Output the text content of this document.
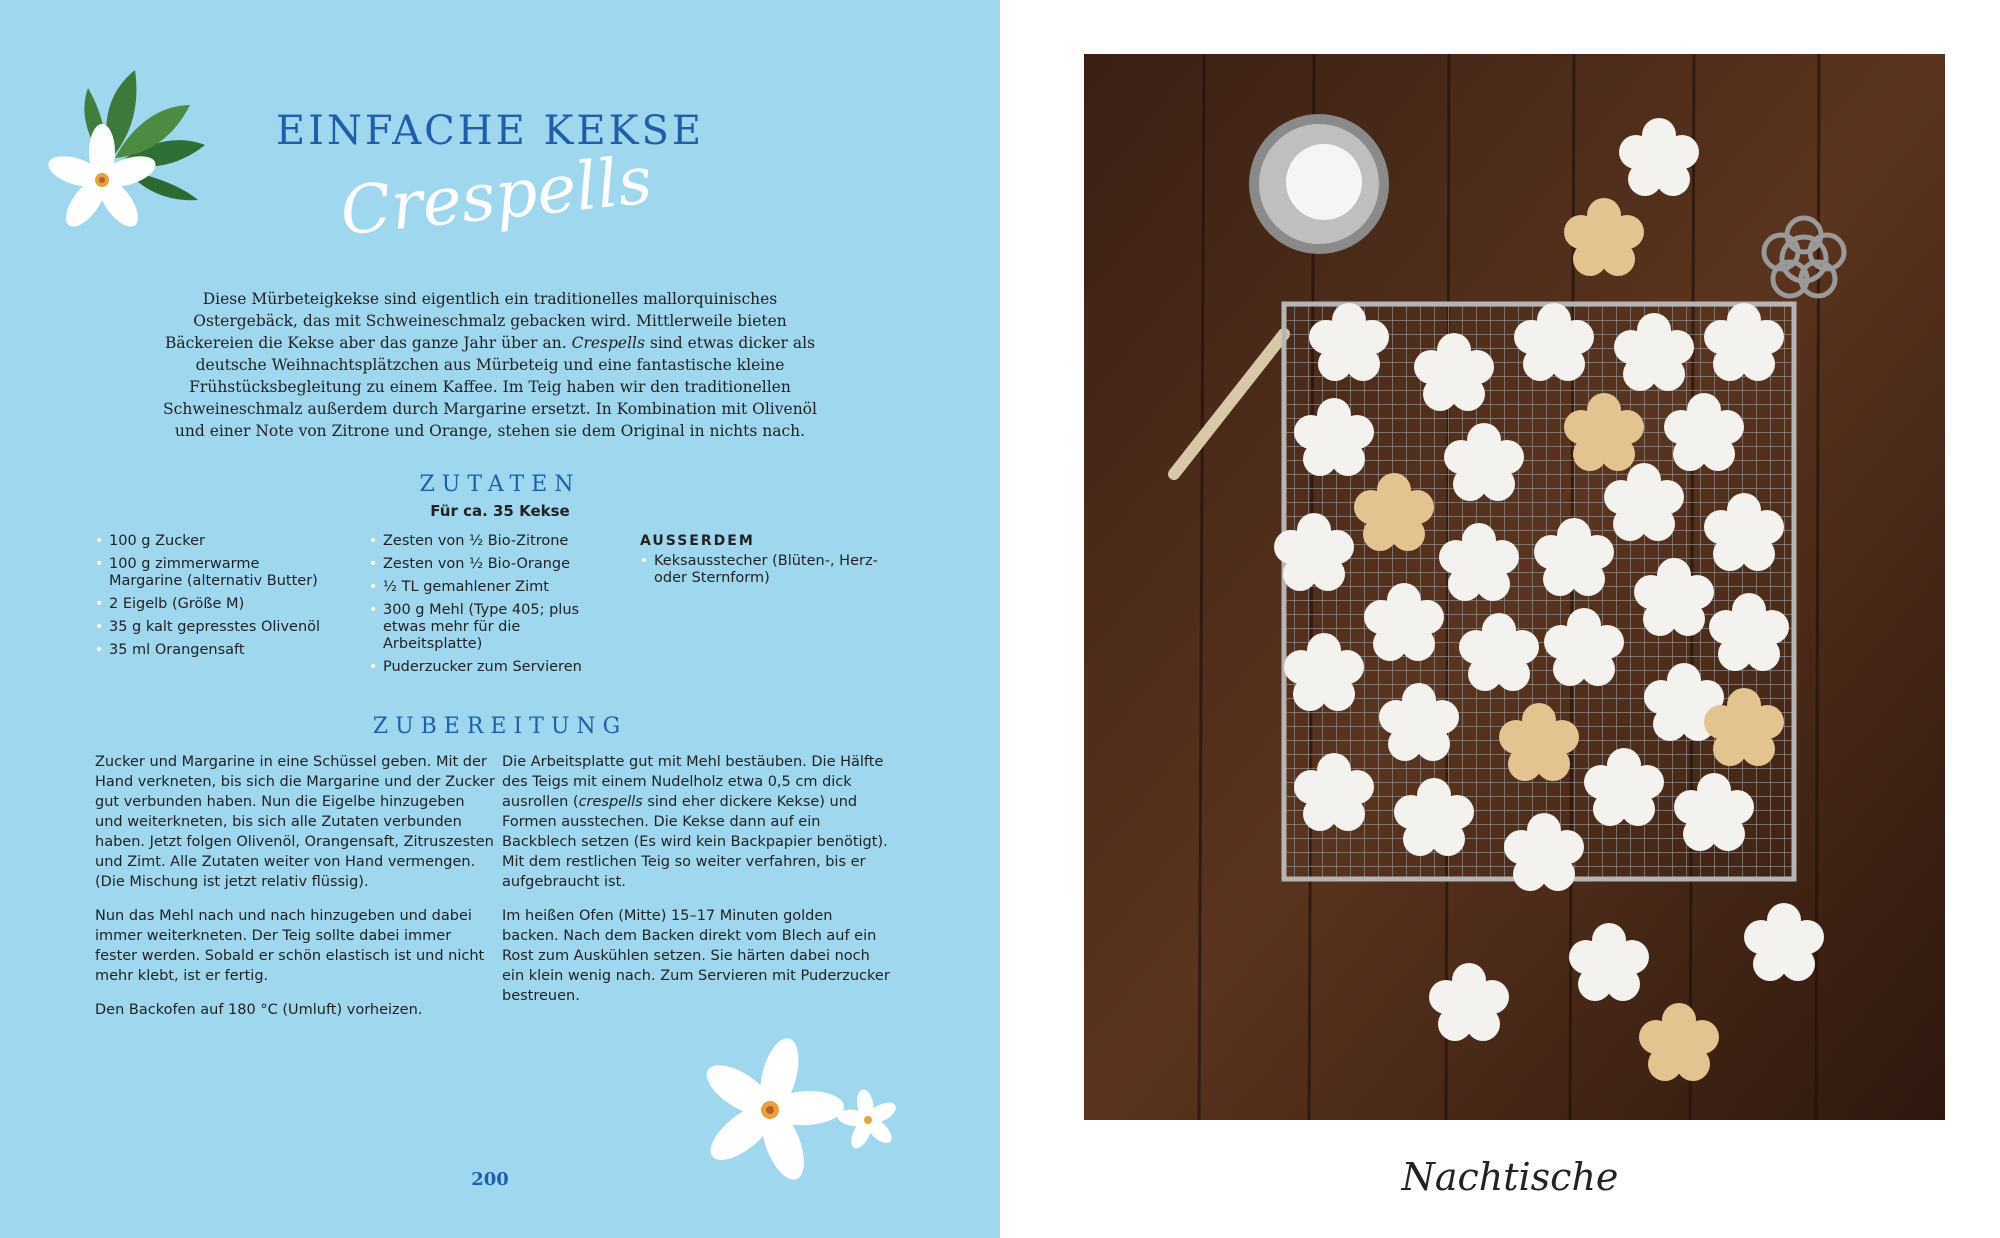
EINFACHE KEKSE
Crespells
Diese Mürbeteigkekse sind eigentlich ein traditionelles mallorquinisches Ostergebäck, das mit Schweineschmalz gebacken wird. Mittlerweile bieten Bäckereien die Kekse aber das ganze Jahr über an. Crespells sind etwas dicker als deutsche Weihnachtsplätzchen aus Mürbeteig und eine fantastische kleine Frühstücksbegleitung zu einem Kaffee. Im Teig haben wir den traditionellen Schweineschmalz außerdem durch Margarine ersetzt. In Kombination mit Olivenöl und einer Note von Zitrone und Orange, stehen sie dem Original in nichts nach.
ZUTATEN
Für ca. 35 Kekse
• 100 g Zucker
• 100 g zimmerwarme Margarine (alternativ Butter)
• 2 Eigelb (Größe M)
• 35 g kalt gepresstes Olivenöl
• 35 ml Orangensaft
• Zesten von ½ Bio-Zitrone
• Zesten von ½ Bio-Orange
• ½ TL gemahlener Zimt
• 300 g Mehl (Type 405; plus etwas mehr für die Arbeitsplatte)
• Puderzucker zum Servieren
AUSSERDEM
• Keksausstecher (Blüten-, Herz- oder Sternform)
ZUBEREITUNG

Zucker und Margarine in eine Schüssel geben. Mit der Hand verkneten, bis sich die Margarine und der Zucker gut verbunden haben. Nun die Eigelbe hinzugeben und weiterkneten, bis sich alle Zutaten verbunden haben. Jetzt folgen Olivenöl, Orangensaft, Zitruszesten und Zimt. Alle Zutaten weiter von Hand vermengen. (Die Mischung ist jetzt relativ flüssig).

Nun das Mehl nach und nach hinzugeben und dabei immer weiterkneten. Der Teig sollte dabei immer fester werden. Sobald er schön elastisch ist und nicht mehr klebt, ist er fertig.

Den Backofen auf 180 °C (Umluft) vorheizen.

Die Arbeitsplatte gut mit Mehl bestäuben. Die Hälfte des Teigs mit einem Nudelholz etwa 0,5 cm dick ausrollen (crespells sind eher dickere Kekse) und Formen ausstechen. Die Kekse dann auf ein Backblech setzen (Es wird kein Backpapier benötigt). Mit dem restlichen Teig so weiter verfahren, bis er aufgebraucht ist.

Im heißen Ofen (Mitte) 15–17 Minuten golden backen. Nach dem Backen direkt vom Blech auf ein Rost zum Auskühlen setzen. Sie härten dabei noch ein klein wenig nach. Zum Servieren mit Puderzucker bestreuen.

200	Nachtische
